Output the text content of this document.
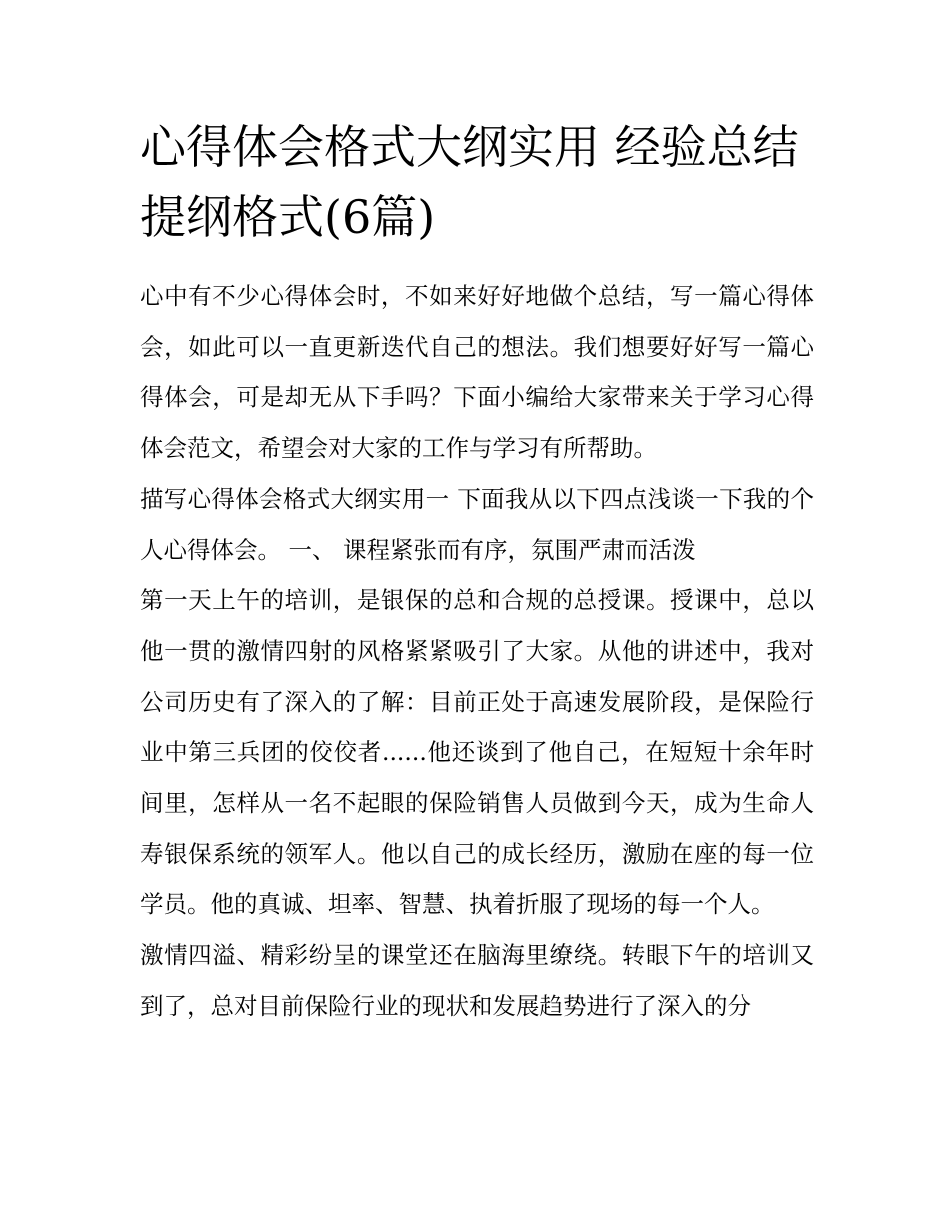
心得体会格式大纲实用 经验总结提纲格式(6篇)

心中有不少心得体会时，不如来好好地做个总结，写一篇心得体会，如此可以一直更新迭代自己的想法。我们想要好好写一篇心得体会，可是却无从下手吗？下面小编给大家带来关于学习心得体会范文，希望会对大家的工作与学习有所帮助。

描写心得体会格式大纲实用一 下面我从以下四点浅谈一下我的个人心得体会。 一、 课程紧张而有序，氛围严肃而活泼

第一天上午的培训，是银保的总和合规的总授课。授课中，总以他一贯的激情四射的风格紧紧吸引了大家。从他的讲述中，我对公司历史有了深入的了解：目前正处于高速发展阶段，是保险行业中第三兵团的佼佼者......他还谈到了他自己，在短短十余年时间里，怎样从一名不起眼的保险销售人员做到今天，成为生命人寿银保系统的领军人。他以自己的成长经历，激励在座的每一位学员。他的真诚、坦率、智慧、执着折服了现场的每一个人。

激情四溢、精彩纷呈的课堂还在脑海里缭绕。转眼下午的培训又到了，总对目前保险行业的现状和发展趋势进行了深入的分
